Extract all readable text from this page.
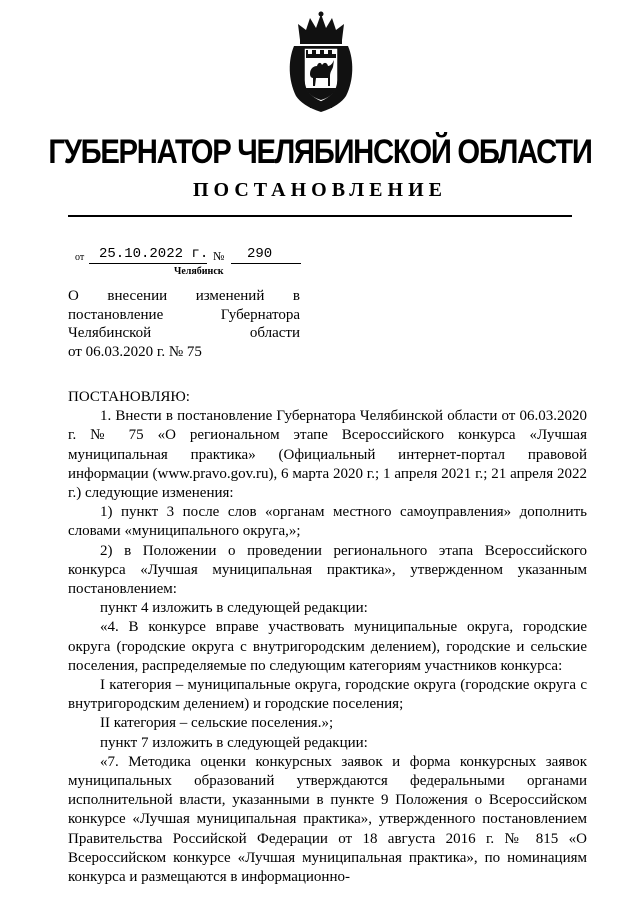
ГУБЕРНАТОР ЧЕЛЯБИНСКОЙ ОБЛАСТИ
ПОСТАНОВЛЕНИЕ
от 25.10.2022 г. № 290
Челябинск
О внесении изменений в
постановление Губернатора
Челябинской области
от 06.03.2020 г. № 75

ПОСТАНОВЛЯЮ:

1. Внести в постановление Губернатора Челябинской области от 06.03.2020 г. № 75 «О региональном этапе Всероссийского конкурса «Лучшая муниципальная практика» (Официальный интернет-портал правовой информации (www.pravo.gov.ru), 6 марта 2020 г.; 1 апреля 2021 г.; 21 апреля 2022 г.) следующие изменения:

1) пункт 3 после слов «органам местного самоуправления» дополнить словами «муниципального округа,»;

2) в Положении о проведении регионального этапа Всероссийского конкурса «Лучшая муниципальная практика», утвержденном указанным постановлением:

пункт 4 изложить в следующей редакции:

«4. В конкурсе вправе участвовать муниципальные округа, городские округа (городские округа с внутригородским делением), городские и сельские поселения, распределяемые по следующим категориям участников конкурса:

I категория – муниципальные округа, городские округа (городские округа с внутригородским делением) и городские поселения;

II категория – сельские поселения.»;

пункт 7 изложить в следующей редакции:

«7. Методика оценки конкурсных заявок и форма конкурсных заявок муниципальных образований утверждаются федеральными органами исполнительной власти, указанными в пункте 9 Положения о Всероссийском конкурсе «Лучшая муниципальная практика», утвержденного постановлением Правительства Российской Федерации от 18 августа 2016 г. № 815 «О Всероссийском конкурсе «Лучшая муниципальная практика», по номинациям конкурса и размещаются в информационно-
